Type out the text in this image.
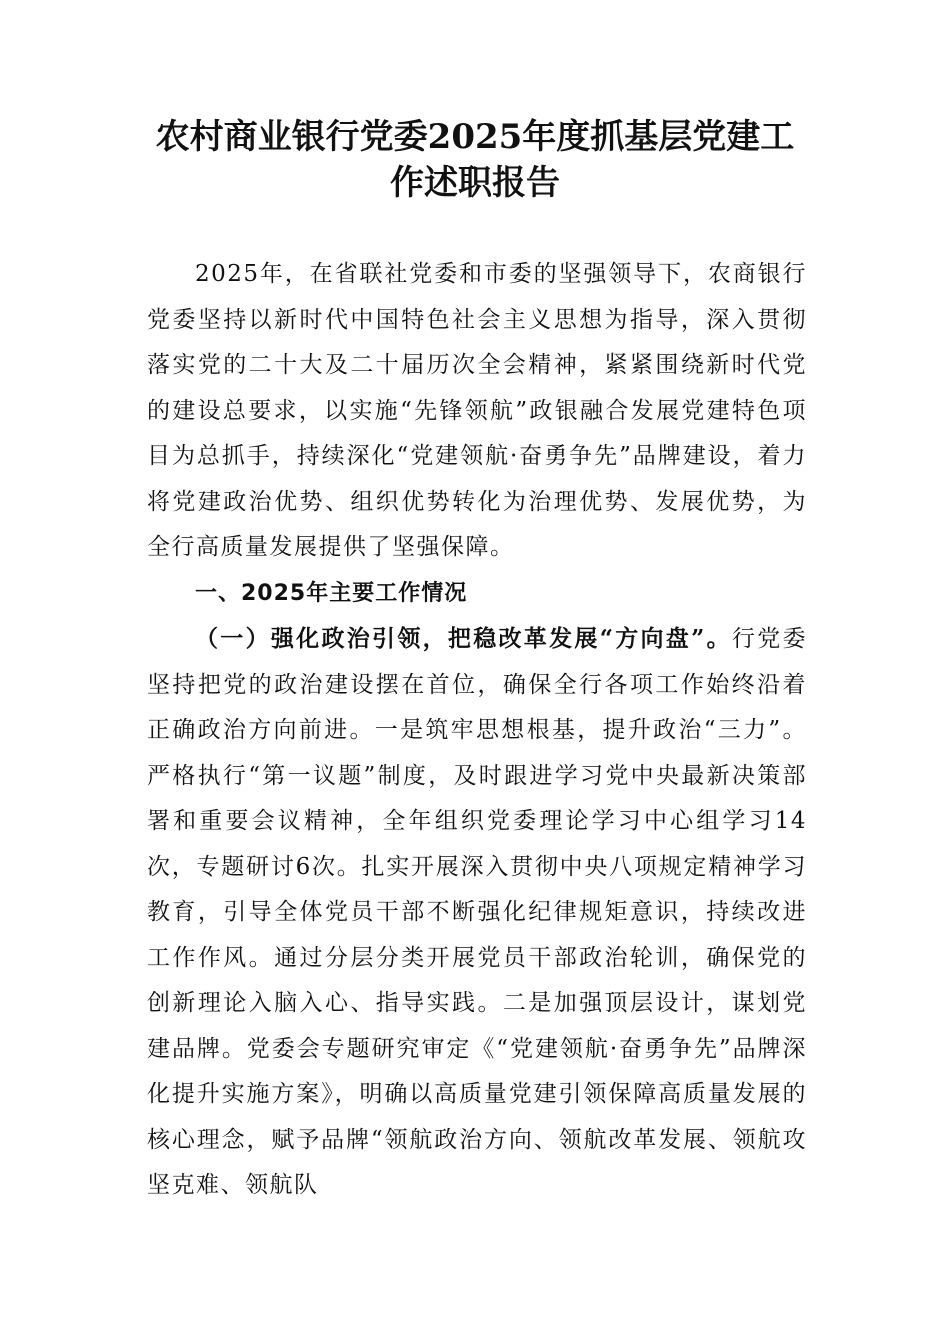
农村商业银行党委2025年度抓基层党建工
作述职报告

2025年，在省联社党委和市委的坚强领导下，农商银行党委坚持以新时代中国特色社会主义思想为指导，深入贯彻落实党的二十大及二十届历次全会精神，紧紧围绕新时代党的建设总要求，以实施“先锋领航”政银融合发展党建特色项目为总抓手，持续深化“党建领航·奋勇争先”品牌建设，着力将党建政治优势、组织优势转化为治理优势、发展优势，为全行高质量发展提供了坚强保障。

一、2025年主要工作情况

（一）强化政治引领，把稳改革发展“方向盘”。行党委坚持把党的政治建设摆在首位，确保全行各项工作始终沿着正确政治方向前进。一是筑牢思想根基，提升政治“三力”。严格执行“第一议题”制度，及时跟进学习党中央最新决策部署和重要会议精神，全年组织党委理论学习中心组学习14次，专题研讨6次。扎实开展深入贯彻中央八项规定精神学习教育，引导全体党员干部不断强化纪律规矩意识，持续改进工作作风。通过分层分类开展党员干部政治轮训，确保党的创新理论入脑入心、指导实践。二是加强顶层设计，谋划党建品牌。党委会专题研究审定《“党建领航·奋勇争先”品牌深化提升实施方案》，明确以高质量党建引领保障高质量发展的核心理念，赋予品牌“领航政治方向、领航改革发展、领航攻坚克难、领航队
